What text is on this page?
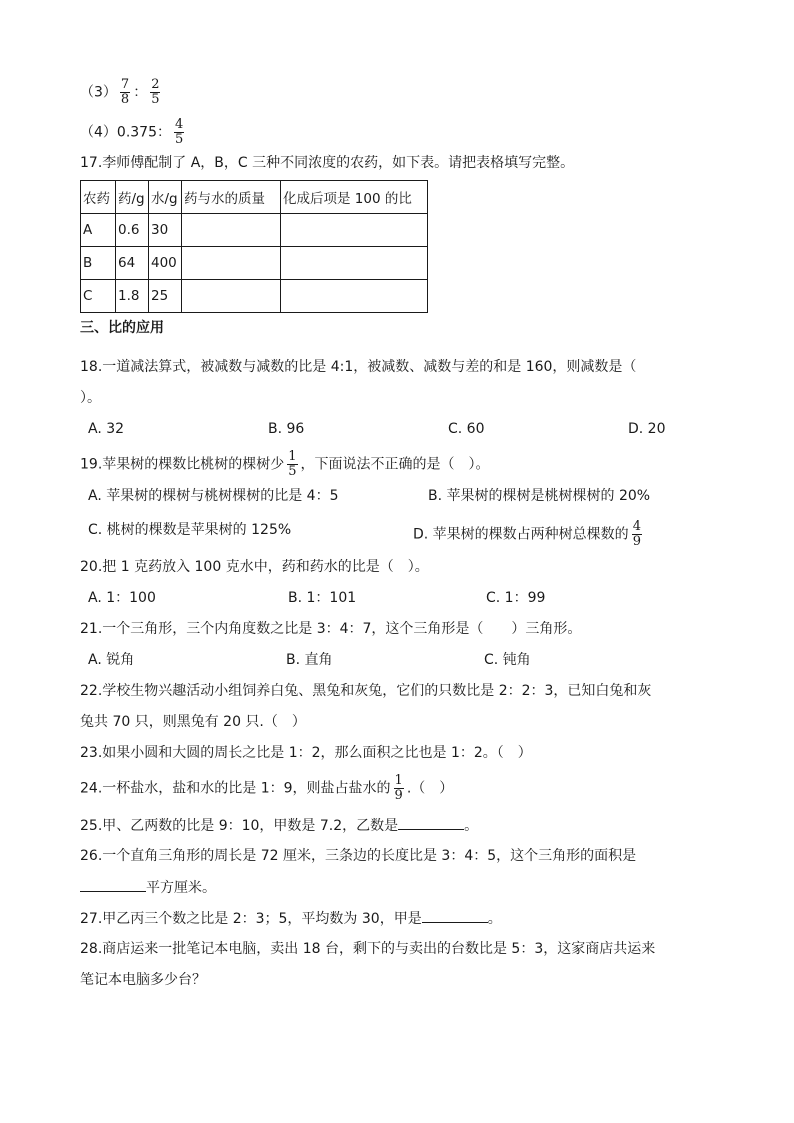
$(3) \frac{7}{8}$ ： $\frac{2}{5}$
（4）0.375： $\frac{4}{5}$
17.李师傅配制了 A，B，C 三种不同浓度的农药，如下表。请把表格填写完整。
农药	药/g	水/g	药与水的质量	化成后项是 100 的比
A	0.6	30		
B	64	400		
C	1.8	25		
三、比的应用
18.一道减法算式，被减数与减数的比是 4:1，被减数、减数与差的和是 160，则减数是（
）。
A. 32	B. 96	C. 60	D. 20
19.苹果树的棵数比桃树的棵树少 $\frac{1}{5}$ ，下面说法不正确的是（　）。
A. 苹果树的棵树与桃树棵树的比是 4：5	B. 苹果树的棵树是桃树棵树的 20%
C. 桃树的棵数是苹果树的 125%	D. 苹果树的棵数占两种树总棵数的 $\frac{4}{9}$
20.把 1 克药放入 100 克水中，药和药水的比是（　）。
A. 1：100	B. 1：101	C. 1：99
21.一个三角形，三个内角度数之比是 3：4：7，这个三角形是（　　）三角形。
A. 锐角	B. 直角	C. 钝角
22.学校生物兴趣活动小组饲养白兔、黑兔和灰兔，它们的只数比是 2：2：3，已知白兔和灰
兔共 70 只，则黑兔有 20 只.（　）
23.如果小圆和大圆的周长之比是 1：2，那么面积之比也是 1：2。（　）
24.一杯盐水，盐和水的比是 1：9，则盐占盐水的 $\frac{1}{9}$ .（　）
25.甲、乙两数的比是 9：10，甲数是 7.2，乙数是	。
26.一个直角三角形的周长是 72 厘米，三条边的长度比是 3：4：5，这个三角形的面积是
平方厘米。
27.甲乙丙三个数之比是 2：3；5，平均数为 30，甲是	。
28.商店运来一批笔记本电脑，卖出 18 台，剩下的与卖出的台数比是 5：3，这家商店共运来
笔记本电脑多少台？
